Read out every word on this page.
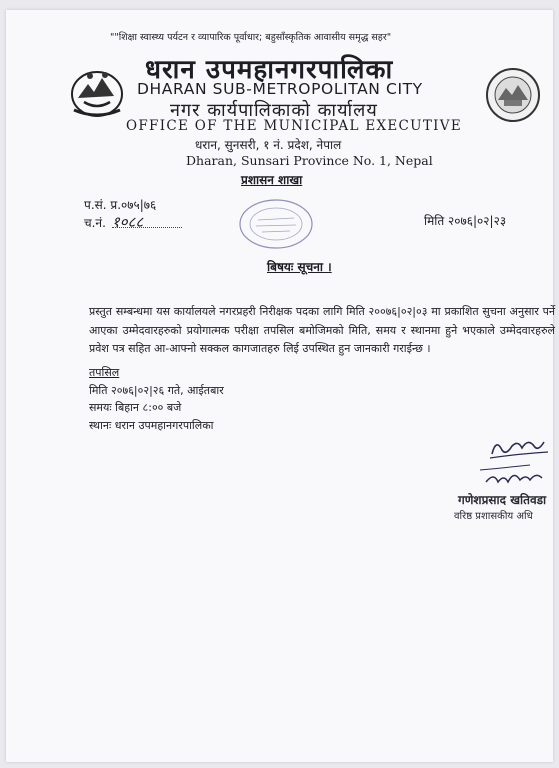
""शिक्षा स्वास्थ्य पर्यटन र व्यापारिक पूर्वाधार; बहुसाँस्कृतिक आवासीय समृद्ध सहर"

धरान उपमहानगरपालिका

DHARAN SUB-METROPOLITAN CITY

नगर कार्यपालिकाको कार्यालय

OFFICE OF THE MUNICIPAL EXECUTIVE

धरान, सुनसरी, १ नं. प्रदेश, नेपाल

Dharan, Sunsari Province No. 1, Nepal

प्रशासन शाखा

प.सं. प्र.०७५|७६

च.नं. १०८८	मिति २०७६|०२|२३

बिषयः सूचना ।

प्रस्तुत सम्बन्धमा यस कार्यालयले नगरप्रहरी निरीक्षक पदका लागि मिति २००७६|०२|०३ मा प्रकाशित सुचना अनुसार पर्ने आएका उम्मेदवारहरुको प्रयोगात्मक परीक्षा तपसिल बमोजिमको मिति, समय र स्थानमा हुने भएकाले उम्मेदवारहरुले प्रवेश पत्र सहित आ-आफ्नो सक्कल कागजातहरु लिई उपस्थित हुन जानकारी गराईन्छ ।

तपसिल
मिति २०७६|०२|२६ गते, आईतबार
समयः बिहान ८:०० बजे
स्थानः धरान उपमहानगरपालिका

गणेशप्रसाद खतिवडा

वरिष्ठ प्रशासकीय अधि
